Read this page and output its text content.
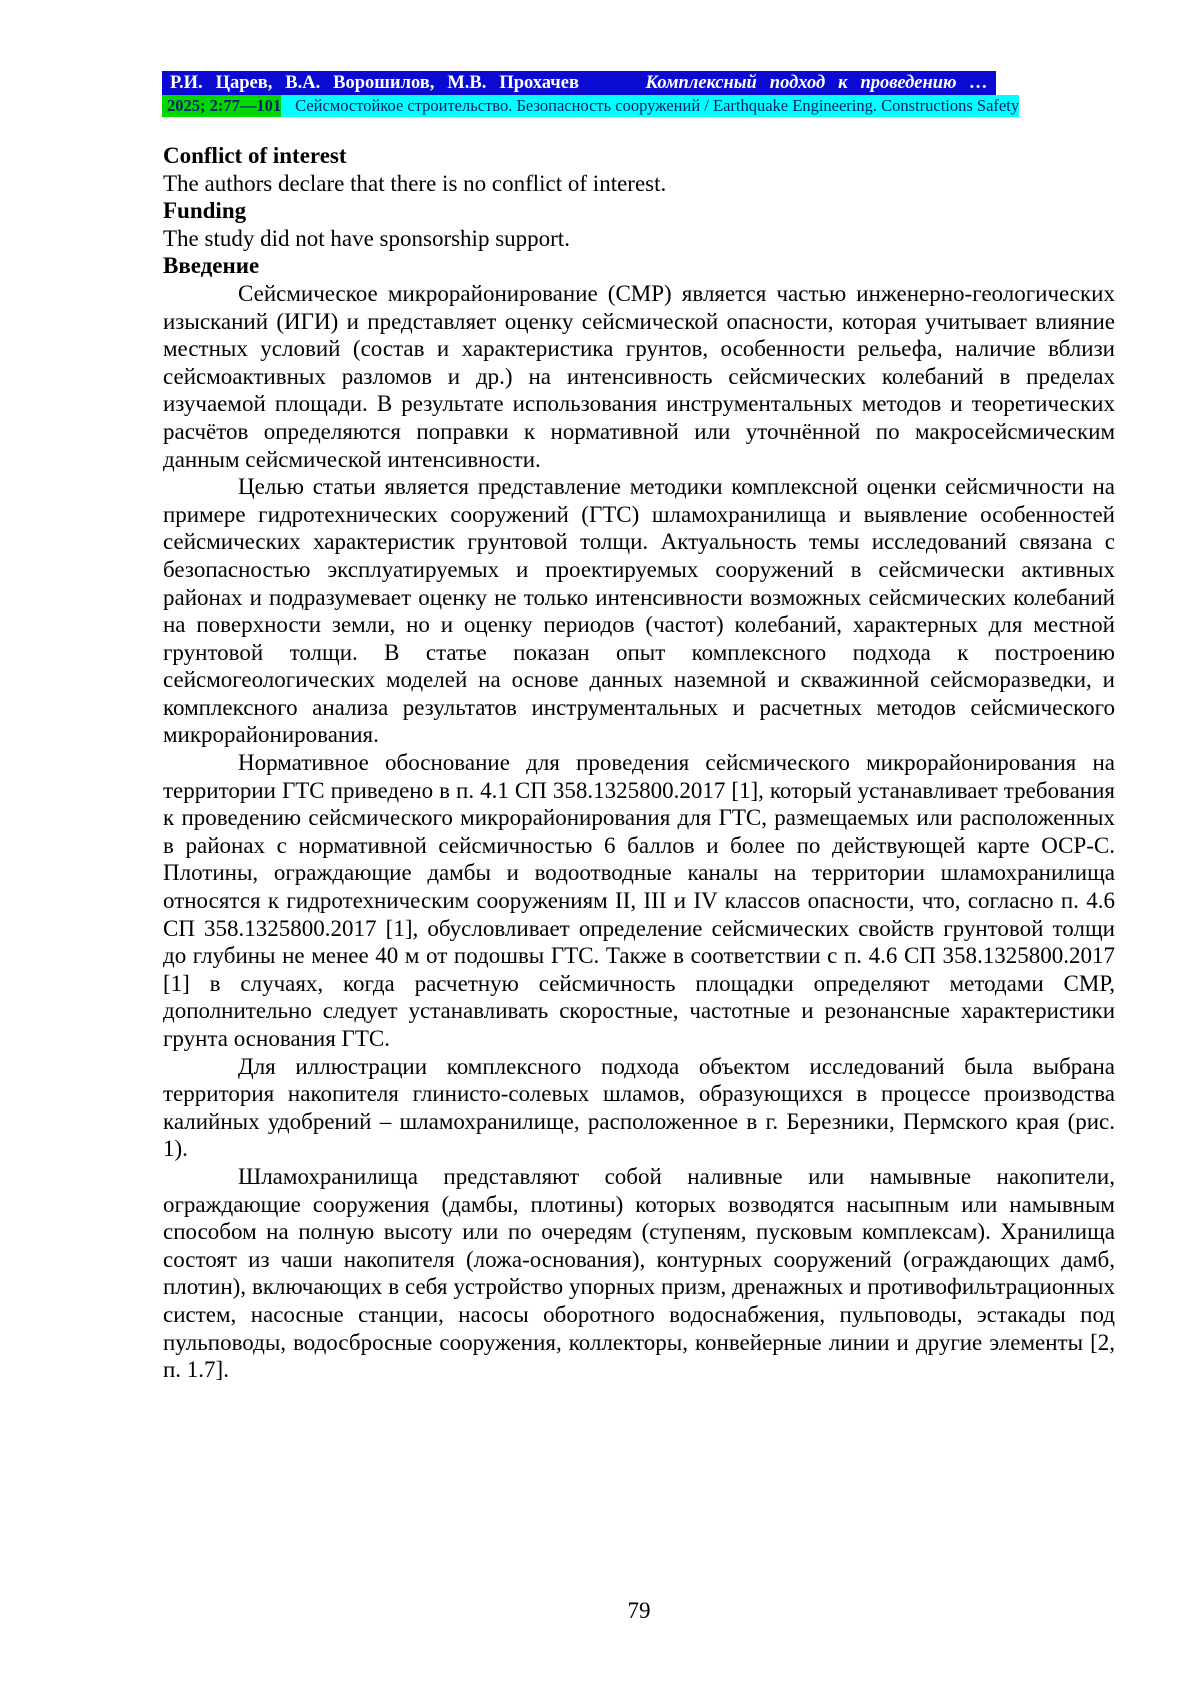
Р.И. Царев, В.А. Ворошилов, М.В. Прохачев	Комплексный подход к проведению …
2025; 2:77—101 Сейсмостойкое строительство. Безопасность сооружений / Earthquake Engineering. Constructions Safety
Conflict of interest

The authors declare that there is no conflict of interest.

Funding

The study did not have sponsorship support.

Введение

Сейсмическое микрорайонирование (СМР) является частью инженерно-геологических изысканий (ИГИ) и представляет оценку сейсмической опасности, которая учитывает влияние местных условий (состав и характеристика грунтов, особенности рельефа, наличие вблизи сейсмоактивных разломов и др.) на интенсивность сейсмических колебаний в пределах изучаемой площади. В результате использования инструментальных методов и теоретических расчётов определяются поправки к нормативной или уточнённой по макросейсмическим данным сейсмической интенсивности.

Целью статьи является представление методики комплексной оценки сейсмичности на примере гидротехнических сооружений (ГТС) шламохранилища и выявление особенностей сейсмических характеристик грунтовой толщи. Актуальность темы исследований связана с безопасностью эксплуатируемых и проектируемых сооружений в сейсмически активных районах и подразумевает оценку не только интенсивности возможных сейсмических колебаний на поверхности земли, но и оценку периодов (частот) колебаний, характерных для местной грунтовой толщи. В статье показан опыт комплексного подхода к построению сейсмогеологических моделей на основе данных наземной и скважинной сейсморазведки, и комплексного анализа результатов инструментальных и расчетных методов сейсмического микрорайонирования.

Нормативное обоснование для проведения сейсмического микрорайонирования на территории ГТС приведено в п. 4.1 СП 358.1325800.2017 [1], который устанавливает требования к проведению сейсмического микрорайонирования для ГТС, размещаемых или расположенных в районах с нормативной сейсмичностью 6 баллов и более по действующей карте ОСР-С. Плотины, ограждающие дамбы и водоотводные каналы на территории шламохранилища относятся к гидротехническим сооружениям II, III и IV классов опасности, что, согласно п. 4.6 СП 358.1325800.2017 [1], обусловливает определение сейсмических свойств грунтовой толщи до глубины не менее 40 м от подошвы ГТС. Также в соответствии с п. 4.6 СП 358.1325800.2017 [1] в случаях, когда расчетную сейсмичность площадки определяют методами СМР, дополнительно следует устанавливать скоростные, частотные и резонансные характеристики грунта основания ГТС.

Для иллюстрации комплексного подхода объектом исследований была выбрана территория накопителя глинисто-солевых шламов, образующихся в процессе производства калийных удобрений – шламохранилище, расположенное в г. Березники, Пермского края (рис. 1).

Шламохранилища представляют собой наливные или намывные накопители, ограждающие сооружения (дамбы, плотины) которых возводятся насыпным или намывным способом на полную высоту или по очередям (ступеням, пусковым комплексам). Хранилища состоят из чаши накопителя (ложа-основания), контурных сооружений (ограждающих дамб, плотин), включающих в себя устройство упорных призм, дренажных и противофильтрационных систем, насосные станции, насосы оборотного водоснабжения, пульповоды, эстакады под пульповоды, водосбросные сооружения, коллекторы, конвейерные линии и другие элементы [2, п. 1.7].

79
